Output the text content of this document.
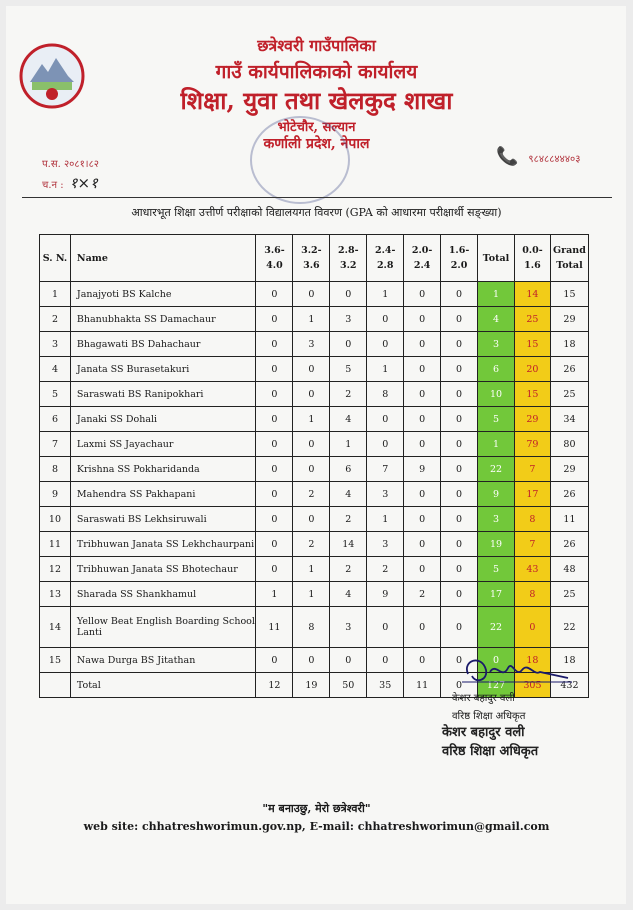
छत्रेश्वरी गाउँपालिका
गाउँ कार्यपालिकाको कार्यालय
शिक्षा, युवा तथा खेलकुद शाखा
भोटेचौर, सल्यान
कर्णाली प्रदेश, नेपाल
प.स. २०८१।८२
च.न : १×१
📞 ९८४८८४४४०३
आधारभूत शिक्षा उत्तीर्ण परीक्षाको विद्यालयगत विवरण (GPA को आधारमा परीक्षार्थी सङ्ख्या)
S. N.	Name	3.6-4.0	3.2-3.6	2.8-3.2	2.4-2.8	2.0-2.4	1.6-2.0	Total	0.0-1.6	Grand Total
1	Janajyoti BS Kalche	0	0	0	1	0	0	1	14	15
2	Bhanubhakta SS Damachaur	0	1	3	0	0	0	4	25	29
3	Bhagawati BS Dahachaur	0	3	0	0	0	0	3	15	18
4	Janata SS Burasetakuri	0	0	5	1	0	0	6	20	26
5	Saraswati BS Ranipokhari	0	0	2	8	0	0	10	15	25
6	Janaki SS Dohali	0	1	4	0	0	0	5	29	34
7	Laxmi SS Jayachaur	0	0	1	0	0	0	1	79	80
8	Krishna SS Pokharidanda	0	0	6	7	9	0	22	7	29
9	Mahendra SS Pakhapani	0	2	4	3	0	0	9	17	26
10	Saraswati BS Lekhsiruwali	0	0	2	1	0	0	3	8	11
11	Tribhuwan Janata SS Lekhchaurpani	0	2	14	3	0	0	19	7	26
12	Tribhuwan Janata SS Bhotechaur	0	1	2	2	0	0	5	43	48
13	Sharada SS Shankhamul	1	1	4	9	2	0	17	8	25
14	Yellow Beat English Boarding School Lanti	11	8	3	0	0	0	22	0	22
15	Nawa Durga BS Jitathan	0	0	0	0	0	0	0	18	18
	Total	12	19	50	35	11	0	127	305	432
केशर बहादुर वली
वरिष्ठ शिक्षा अधिकृत
केशर बहादुर वली
वरिष्ठ शिक्षा अधिकृत
"म बनाउछु, मेरो छत्रेश्वरी"
web site: chhatreshworimun.gov.np, E-mail: chhatreshworimun@gmail.com
